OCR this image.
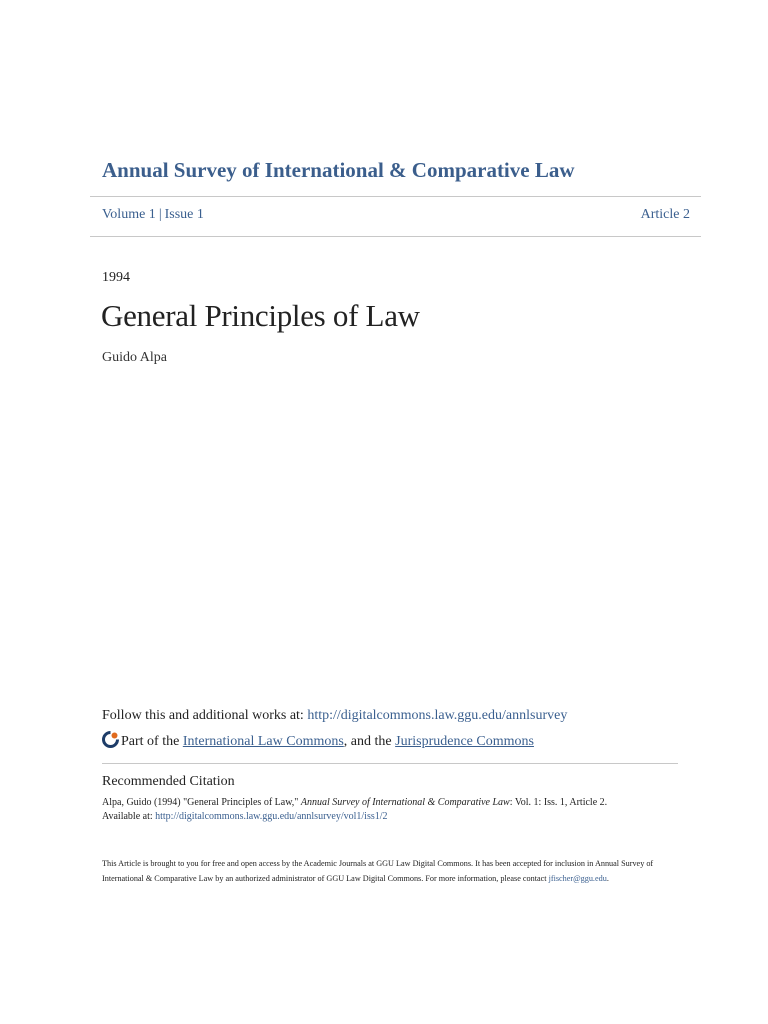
Annual Survey of International & Comparative Law
Volume 1 | Issue 1	Article 2
1994
General Principles of Law
Guido Alpa
Follow this and additional works at: http://digitalcommons.law.ggu.edu/annlsurvey
Part of the International Law Commons, and the Jurisprudence Commons
Recommended Citation
Alpa, Guido (1994) "General Principles of Law," Annual Survey of International & Comparative Law: Vol. 1: Iss. 1, Article 2.
Available at: http://digitalcommons.law.ggu.edu/annlsurvey/vol1/iss1/2
This Article is brought to you for free and open access by the Academic Journals at GGU Law Digital Commons. It has been accepted for inclusion in Annual Survey of International & Comparative Law by an authorized administrator of GGU Law Digital Commons. For more information, please contact jfischer@ggu.edu.
